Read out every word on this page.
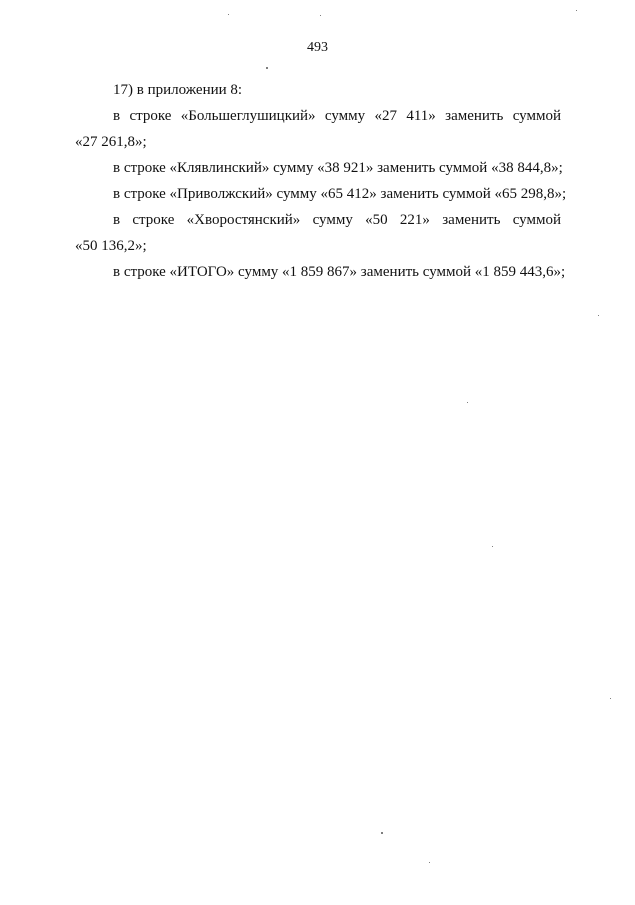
493
17) в приложении 8:
в строке «Большеглушицкий» сумму «27 411» заменить суммой
«27 261,8»;
в строке «Клявлинский» сумму «38 921» заменить суммой «38 844,8»;
в строке «Приволжский» сумму «65 412» заменить суммой «65 298,8»;
в строке «Хворостянский» сумму «50 221» заменить суммой
«50 136,2»;
в строке «ИТОГО» сумму «1 859 867» заменить суммой «1 859 443,6»;
